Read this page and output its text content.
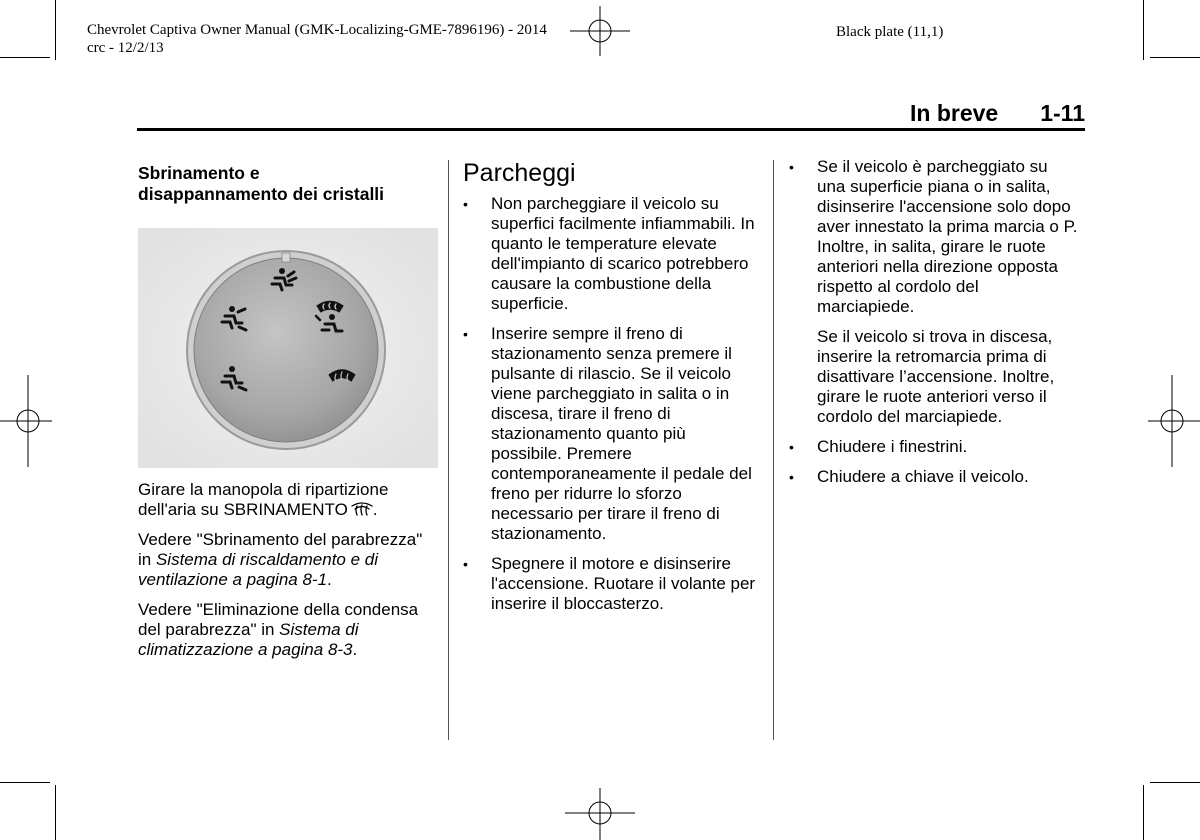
Chevrolet Captiva Owner Manual (GMK-Localizing-GME-7896196) - 2014
crc - 12/2/13
Black plate (11,1)
In breve 1-11
Sbrinamento e
disappannamento dei cristalli

Girare la manopola di ripartizione
dell'aria su SBRINAMENTO .

Vedere "Sbrinamento del parabrezza" in Sistema di riscaldamento e di ventilazione a pagina 8-1.

Vedere "Eliminazione della condensa del parabrezza" in Sistema di climatizzazione a pagina 8-3.

Parcheggi
• Non parcheggiare il veicolo su superfici facilmente infiammabili. In quanto le temperature elevate dell'impianto di scarico potrebbero causare la combustione della superficie.
• Inserire sempre il freno di stazionamento senza premere il pulsante di rilascio. Se il veicolo viene parcheggiato in salita o in discesa, tirare il freno di stazionamento quanto più possibile. Premere contemporaneamente il pedale del freno per ridurre lo sforzo necessario per tirare il freno di stazionamento.
• Spegnere il motore e disinserire l'accensione. Ruotare il volante per inserire il bloccasterzo.
• Se il veicolo è parcheggiato su una superficie piana o in salita, disinserire l'accensione solo dopo aver innestato la prima marcia o P. Inoltre, in salita, girare le ruote anteriori nella direzione opposta rispetto al cordolo del marciapiede.

Se il veicolo si trova in discesa, inserire la retromarcia prima di disattivare l’accensione. Inoltre, girare le ruote anteriori verso il cordolo del marciapiede.

• Chiudere i finestrini.
• Chiudere a chiave il veicolo.
